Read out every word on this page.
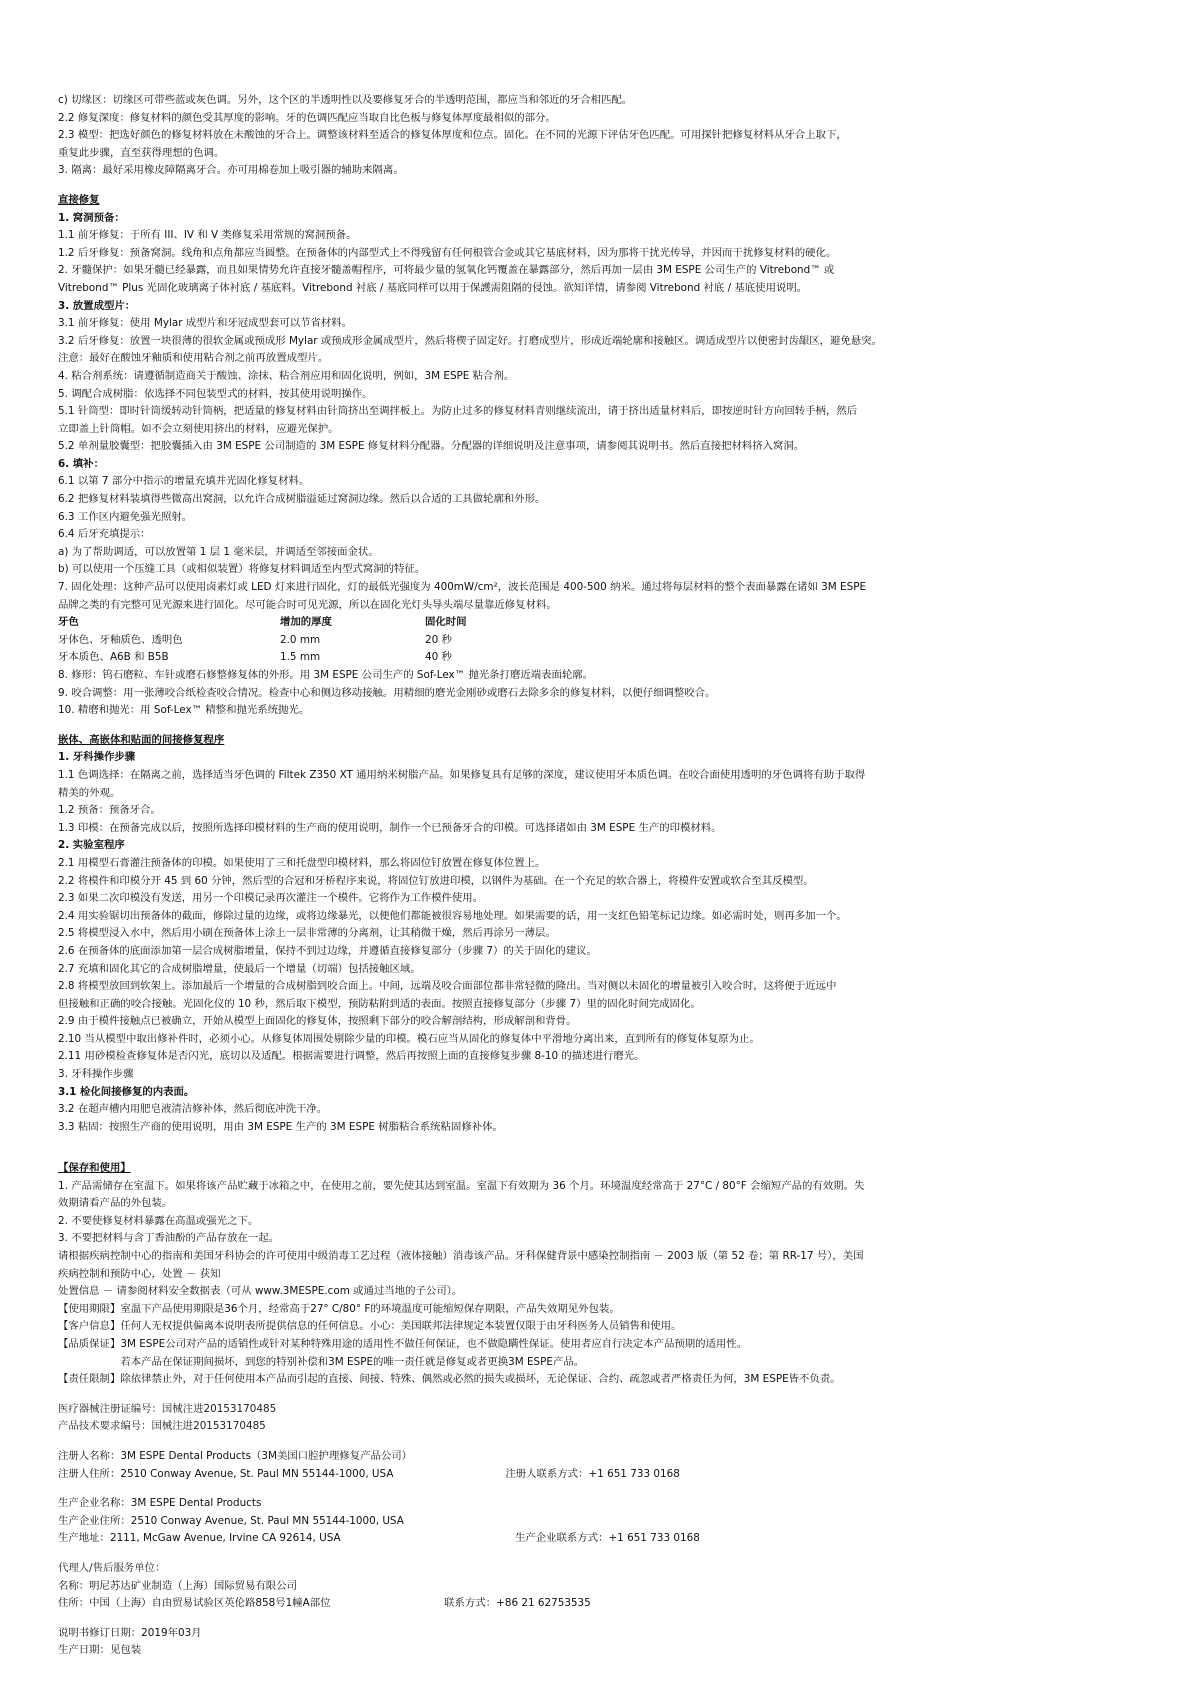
c) 切缘区：切缘区可带些蓝或灰色调。另外，这个区的半透明性以及要修复牙合的半透明范围，都应当和邻近的牙合相匹配。
2.2 修复深度：修复材料的颜色受其厚度的影响。牙的色调匹配应当取自比色板与修复体厚度最相似的部分。
2.3 模型：把选好颜色的修复材料放在未酸蚀的牙合上。调整该材料至适合的修复体厚度和位点。固化。在不同的光源下评估牙色匹配。可用探针把修复材料从牙合上取下，
重复此步骤，直至获得理想的色调。
3. 隔离：最好采用橡皮障隔离牙合。亦可用棉卷加上吸引器的辅助来隔离。
直接修复
1. 窝洞预备：
1.1 前牙修复：于所有 III、IV 和 V 类修复采用常规的窝洞预备。
1.2 后牙修复：预备窝洞。线角和点角都应当圆整。在预备体的内部型式上不得残留有任何根管合金或其它基底材料，因为那将干扰光传导，并因而干扰修复材料的硬化。
2. 牙髓保护：如果牙髓已经暴露，而且如果情势允许直接牙髓盖帽程序，可将最少量的氢氧化钙覆盖在暴露部分，然后再加一层由 3M ESPE 公司生产的 Vitrebond™ 或
Vitrebond™ Plus 光固化玻璃离子体衬底 / 基底料。Vitrebond 衬底 / 基底同样可以用于保護需阻隔的侵蚀。欲知详情，请参阅 Vitrebond 衬底 / 基底使用说明。
3. 放置成型片：
3.1 前牙修复：使用 Mylar 成型片和牙冠成型套可以节省材料。
3.2 后牙修复：放置一块很薄的很软金属或预成形 Mylar 或预成形金属成型片，然后将楔子固定好。打磨成型片，形成近端轮廓和接触区。调适成型片以便密封齿龈区，避免悬突。
注意：最好在酸蚀牙釉质和使用粘合剂之前再放置成型片。
4. 粘合剂系统：请遵循制造商关于酸蚀、涂抹、粘合剂应用和固化说明，例如，3M ESPE 粘合剂。
5. 调配合成树脂：依选择不同包装型式的材料，按其使用说明操作。
5.1 针筒型：即时针筒缓转动针筒柄，把适量的修复材料由针筒挤出至调拌板上。为防止过多的修复材料青则继续流出，请于挤出适量材料后，即按逆时针方向回转手柄，然后
立即盖上针筒帽。如不会立刻使用挤出的材料，应避光保护。
5.2 单剂量胶囊型：把胶囊插入由 3M ESPE 公司制造的 3M ESPE 修复材料分配器。分配器的详细说明及注意事项，请参阅其说明书。然后直接把材料挤入窝洞。
6. 填补：
6.1 以第 7 部分中指示的增量充填并光固化修复材料。
6.2 把修复材料装填得些微高出窝洞，以允许合成树脂溢延过窝洞边缘。然后以合适的工具做轮廓和外形。
6.3 工作区内避免强光照射。
6.4 后牙充填提示：
a) 为了帮助调适，可以放置第 1 层 1 毫米层，并调适至邻接面金状。
b) 可以使用一个压缝工具（或相似装置）将修复材料调适至内型式窝洞的特征。
7. 固化处理：这种产品可以使用卤素灯或 LED 灯来进行固化，灯的最低光强度为 400mW/cm²，波长范围是 400-500 纳米。通过将每层材料的整个表面暴露在诸如 3M ESPE
品牌之类的有完整可见光源来进行固化。尽可能合时可见光源，所以在固化光灯头导头端尽量靠近修复材料。
牙色	增加的厚度	固化时间
牙体色、牙釉质色、透明色	2.0 mm	20 秒
牙本质色、A6B 和 B5B	1.5 mm	40 秒
8. 修形：钨石磨粒、车针或磨石修整修复体的外形。用 3M ESPE 公司生产的 Sof-Lex™ 抛光条打磨近端表面轮廓。
9. 咬合调整：用一张薄咬合纸检查咬合情况。检查中心和侧边移动接触。用精细的磨光金刚砂或磨石去除多余的修复材料，以便仔细调整咬合。
10. 精磨和抛光：用 Sof-Lex™ 精整和抛光系统抛光。
嵌体、高嵌体和贴面的间接修复程序
1. 牙科操作步骤
1.1 色调选择：在隔离之前，选择适当牙色调的 Filtek Z350 XT 通用纳米树脂产品。如果修复具有足够的深度，建议使用牙本质色调。在咬合面使用透明的牙色调将有助于取得
精美的外观。
1.2 预备：预备牙合。
1.3 印模：在预备完成以后，按照所选择印模材料的生产商的使用说明，制作一个已预备牙合的印模。可选择诸如由 3M ESPE 生产的印模材料。
2. 实验室程序
2.1 用模型石膏灌注预备体的印模。如果使用了三和托盘型印模材料，那么将固位钉放置在修复体位置上。
2.2 将模件和印模分开 45 到 60 分钟，然后型的合冠和牙桥程序来说，将固位钉放进印模，以钢件为基础。在一个充足的软合器上，将模件安置或软合至其反模型。
2.3 如果二次印模没有发送，用另一个印模记录再次灌注一个模件。它将作为工作模件使用。
2.4 用实验锯切出预备体的截面，修除过量的边缘，或将边缘暴光，以便他们都能被很容易地处理。如果需要的话，用一支红色铅笔标记边缘。如必需时处，则再多加一个。
2.5 将模型浸入水中，然后用小刷在预备体上涂上一层非常薄的分离剂，让其稍微干燥，然后再涂另一薄层。
2.6 在预备体的底面添加第一层合成树脂增量，保持不到过边缘，并遵循直接修复部分（步骤 7）的关于固化的建议。
2.7 充填和固化其它的合成树脂增量，使最后一个增量（切端）包括接触区域。
2.8 将模型放回到软架上。添加最后一个增量的合成树脂到咬合面上。中间，远端及咬合面部位都非常轻微的隆出。当对侧以未固化的增量被引入咬合时，这将便于近远中
但接触和正确的咬合接触。光固化仪的 10 秒，然后取下模型，预防粘附到适的表面。按照直接修复部分（步骤 7）里的固化时间完成固化。
2.9 由于模件接触点已被确立，开始从模型上面固化的修复体，按照剩下部分的咬合解剖结构，形成解剖和背骨。
2.10 当从模型中取出修补件时，必须小心。从修复体周围处剔除少量的印模。模石应当从固化的修复体中平滑地分离出来，直到所有的修复体复原为止。
2.11 用砂模检查修复体是否闪光，底切以及适配。根据需要进行调整，然后再按照上面的直接修复步骤 8-10 的描述进行磨光。
3. 牙科操作步骤
3.1 检化间接修复的内表面。
3.2 在超声槽内用肥皂液清洁修补体，然后彻底冲洗干净。
3.3 粘固：按照生产商的使用说明，用由 3M ESPE 生产的 3M ESPE 树脂粘合系统粘固修补体。
【保存和使用】
1. 产品需储存在室温下。如果将该产品贮藏于冰箱之中，在使用之前，要先使其达到室温。室温下有效期为 36 个月。环境温度经常高于 27°C / 80°F 会缩短产品的有效期。失
效期请看产品的外包装。
2. 不要使修复材料暴露在高温或强光之下。
3. 不要把材料与含丁香油酚的产品存放在一起。
请根据疾病控制中心的指南和美国牙科协会的许可使用中级消毒工艺过程（液体接触）消毒该产品。牙科保健背景中感染控制指南 － 2003 版（第 52 卷；第 RR-17 号），美国
疾病控制和预防中心，处置 － 获知
处置信息 － 请参阅材料安全数据表（可从 www.3MESPE.com 或通过当地的子公司）。
【使用期限】室温下产品使用期限是36个月，经常高于27° C/80° F的环境温度可能缩短保存期限，产品失效期见外包装。
【客户信息】任何人无权提供偏离本说明表所提供信息的任何信息。小心：美国联邦法律规定本装置仅限于由牙科医务人员销售和使用。
【品质保证】3M ESPE公司对产品的适销性或针对某种特殊用途的适用性不做任何保证，也不做隐瞒性保证。使用者应自行决定本产品预期的适用性。
　　　　　　若本产品在保证期间损坏，到您的特别补偿和3M ESPE的唯一责任就是修复或者更换3M ESPE产品。
【责任限制】除依律禁止外，对于任何使用本产品而引起的直接、间接、特殊、偶然或必然的损失或损坏，无论保证、合约、疏忽或者严格责任为何，3M ESPE皆不负责。
医疗器械注册证编号：国械注进20153170485
产品技术要求编号：国械注进20153170485
注册人名称： 3M ESPE Dental Products（3M美国口腔护理修复产品公司）
注册人住所： 2510 Conway Avenue, St. Paul MN 55144-1000, USA	注册人联系方式： +1 651 733 0168
生产企业名称： 3M ESPE Dental Products
生产企业住所： 2510 Conway Avenue, St. Paul MN 55144-1000, USA
生产地址： 2111, McGaw Avenue, Irvine CA 92614, USA	生产企业联系方式： +1 651 733 0168
代理人/售后服务单位：
名称： 明尼苏达矿业制造（上海）国际贸易有限公司
住所： 中国（上海）自由贸易试验区英伦路858号1幢A部位	联系方式： +86 21 62753535
说明书修订日期： 2019年03月
生产日期： 见包装
